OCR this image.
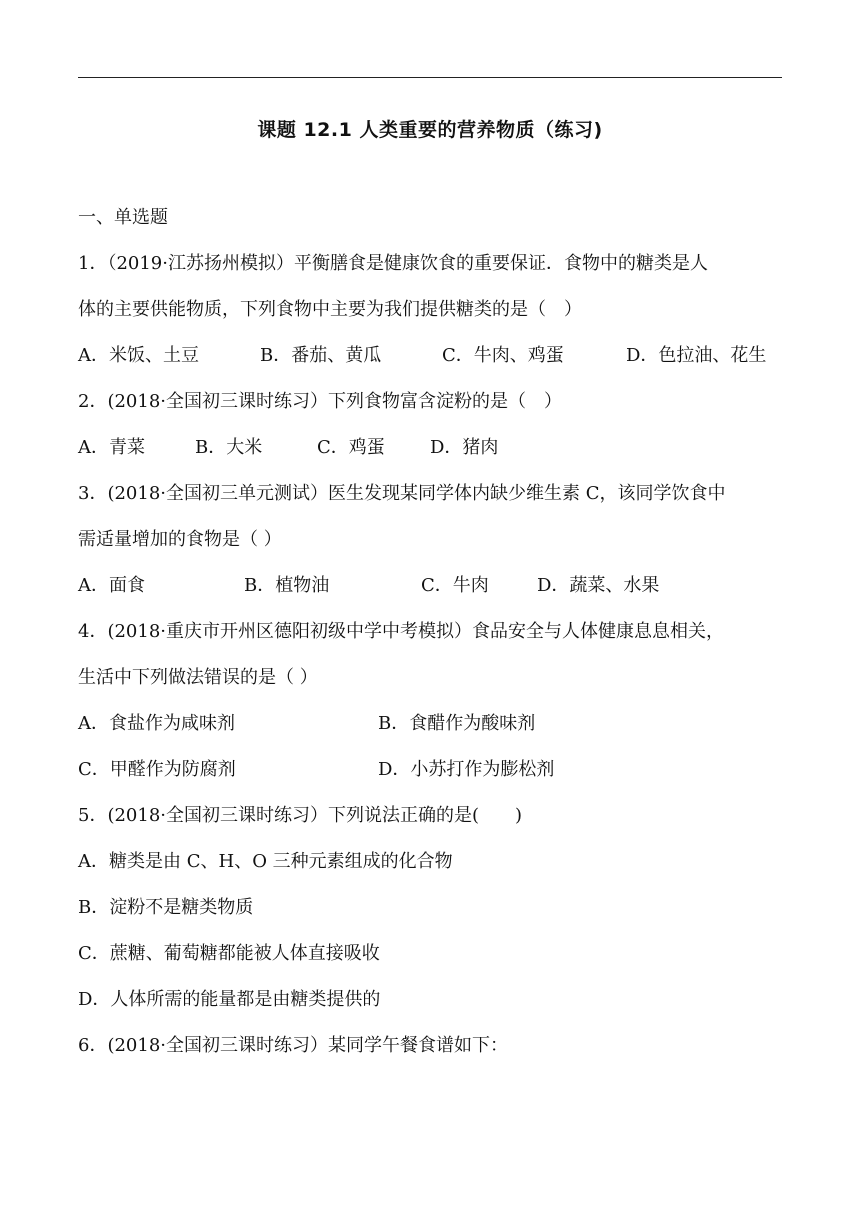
课题 12.1 人类重要的营养物质（练习)
一、单选题
1．（2019·江苏扬州模拟）平衡膳食是健康饮食的重要保证．食物中的糖类是人
体的主要供能物质，下列食物中主要为我们提供糖类的是（　）
A．米饭、土豆	B．番茄、黄瓜	C．牛肉、鸡蛋	D．色拉油、花生
2．(2018·全国初三课时练习）下列食物富含淀粉的是（　）
A．青菜	B．大米	C．鸡蛋	D．猪肉
3．(2018·全国初三单元测试）医生发现某同学体内缺少维生素 C，该同学饮食中
需适量增加的食物是（ ）
A．面食	B．植物油	C．牛肉	D．蔬菜、水果
4．(2018·重庆市开州区德阳初级中学中考模拟）食品安全与人体健康息息相关，
生活中下列做法错误的是（ ）
A．食盐作为咸味剂	B．食醋作为酸味剂
C．甲醛作为防腐剂	D．小苏打作为膨松剂
5．(2018·全国初三课时练习）下列说法正确的是(　　)
A．糖类是由 C、H、O 三种元素组成的化合物
B．淀粉不是糖类物质
C．蔗糖、葡萄糖都能被人体直接吸收
D．人体所需的能量都是由糖类提供的
6．(2018·全国初三课时练习）某同学午餐食谱如下：
